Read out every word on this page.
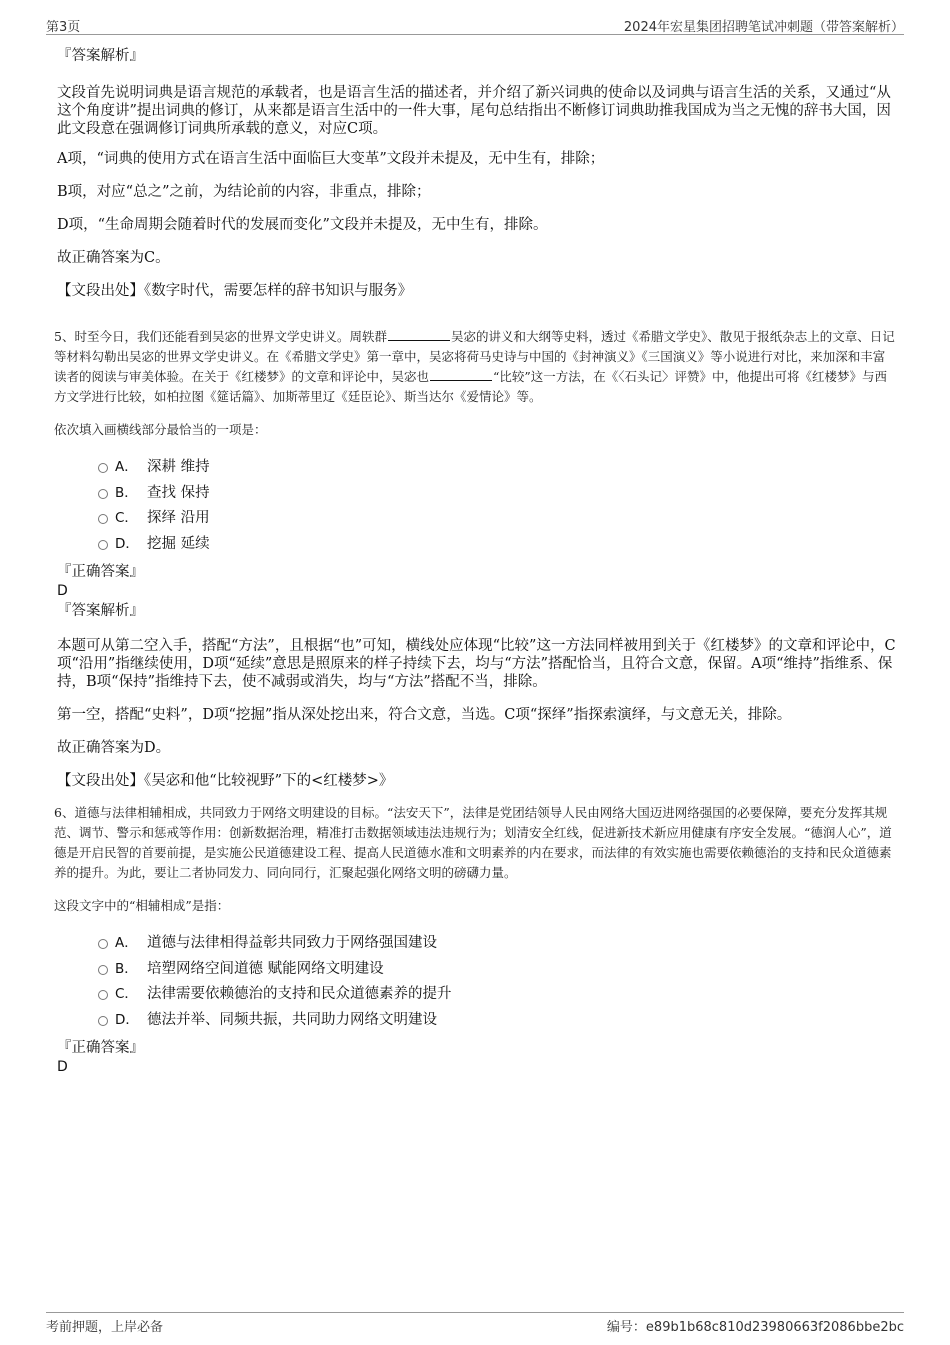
第3页	2024年宏星集团招聘笔试冲刺题（带答案解析）

『答案解析』

文段首先说明词典是语言规范的承载者，也是语言生活的描述者，并介绍了新兴词典的使命以及词典与语言生活的关系，又通过“从这个角度讲”提出词典的修订，从来都是语言生活中的一件大事，尾句总结指出不断修订词典助推我国成为当之无愧的辞书大国，因此文段意在强调修订词典所承载的意义，对应C项。

A项，“词典的使用方式在语言生活中面临巨大变革”文段并未提及，无中生有，排除；

B项，对应“总之”之前，为结论前的内容，非重点，排除；

D项，“生命周期会随着时代的发展而变化”文段并未提及，无中生有，排除。

故正确答案为C。

【文段出处】《数字时代，需要怎样的辞书知识与服务》

5、时至今日，我们还能看到吴宓的世界文学史讲义。周轶群	吴宓的讲义和大纲等史料，透过《希腊文学史》、散见于报纸杂志上的文章、日记等材料勾勒出吴宓的世界文学史讲义。在《希腊文学史》第一章中，吴宓将荷马史诗与中国的《封神演义》《三国演义》等小说进行对比，来加深和丰富读者的阅读与审美体验。在关于《红楼梦》的文章和评论中，吴宓也	“比较”这一方法，在《〈石头记〉评赞》中，他提出可将《红楼梦》与西方文学进行比较，如柏拉图《筵话篇》、加斯蒂里辽《廷臣论》、斯当达尔《爱情论》等。

依次填入画横线部分最恰当的一项是：

A． 深耕 维持
B． 查找 保持
C． 探绎 沿用
D． 挖掘 延续

『正确答案』

D

『答案解析』

本题可从第二空入手，搭配“方法”，且根据“也”可知，横线处应体现“比较”这一方法同样被用到关于《红楼梦》的文章和评论中，C项“沿用”指继续使用，D项“延续”意思是照原来的样子持续下去，均与“方法”搭配恰当，且符合文意，保留。A项“维持”指维系、保持，B项“保持”指维持下去，使不减弱或消失，均与“方法”搭配不当，排除。

第一空，搭配“史料”，D项“挖掘”指从深处挖出来，符合文意，当选。C项“探绎”指探索演绎，与文意无关，排除。

故正确答案为D。

【文段出处】《吴宓和他“比较视野”下的<红楼梦>》

6、道德与法律相辅相成，共同致力于网络文明建设的目标。“法安天下”，法律是党团结领导人民由网络大国迈进网络强国的必要保障，要充分发挥其规范、调节、警示和惩戒等作用：创新数据治理，精准打击数据领域违法违规行为；划清安全红线，促进新技术新应用健康有序安全发展。“德润人心”，道德是开启民智的首要前提，是实施公民道德建设工程、提高人民道德水准和文明素养的内在要求，而法律的有效实施也需要依赖德治的支持和民众道德素养的提升。为此，要让二者协同发力、同向同行，汇聚起强化网络文明的磅礴力量。

这段文字中的“相辅相成”是指：

A． 道德与法律相得益彰共同致力于网络强国建设
B． 培塑网络空间道德 赋能网络文明建设
C． 法律需要依赖德治的支持和民众道德素养的提升
D． 德法并举、同频共振，共同助力网络文明建设

『正确答案』

D

考前押题，上岸必备	编号：e89b1b68c810d23980663f2086bbe2bc
